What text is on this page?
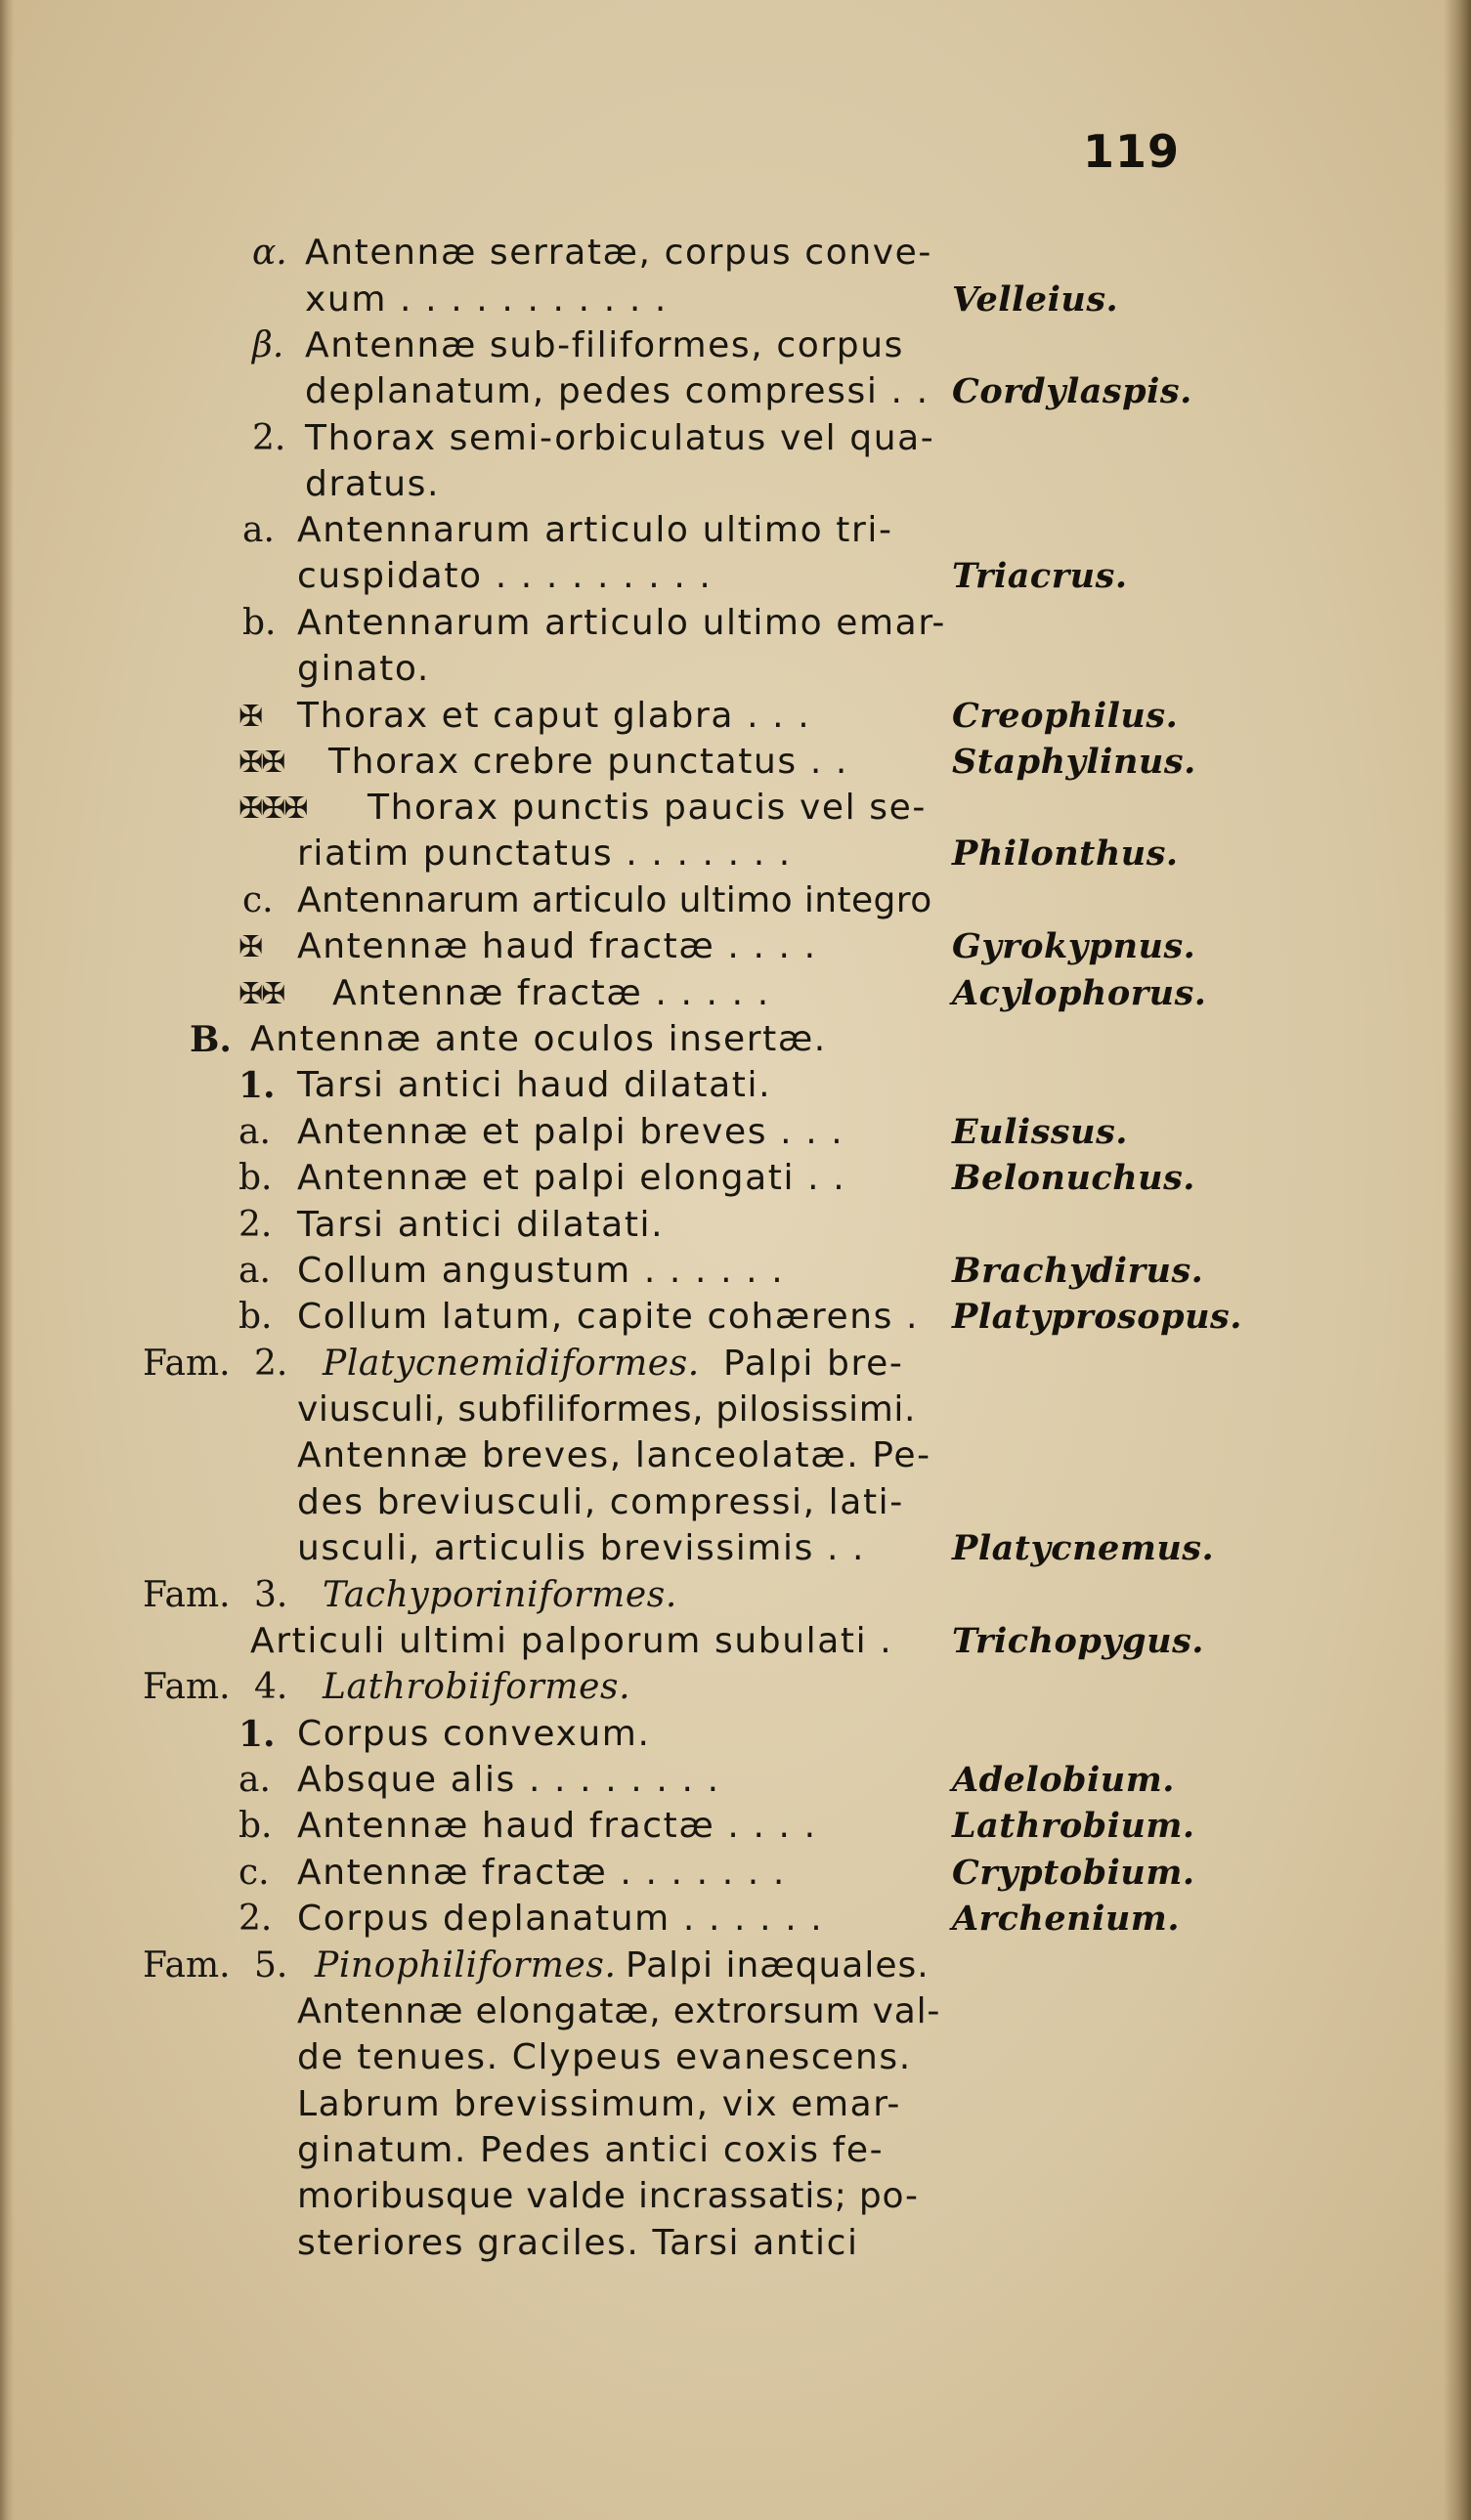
119
α. Antennæ serratæ, corpus conve-
xum . . . . . . . . . . .	Velleius.
β. Antennæ sub-filiformes, corpus
deplanatum, pedes compressi . . Cordylaspis.
2. Thorax semi-orbiculatus vel qua-
dratus.
a. Antennarum articulo ultimo tri-
cuspidato . . . . . . . . .	Triacrus.
b. Antennarum articulo ultimo emar-
ginato.
✠ Thorax et caput glabra . . .	Creophilus.
✠✠ Thorax crebre punctatus . .	Staphylinus.
✠✠✠ Thorax punctis paucis vel se-
riatim punctatus . . . . . . .	Philonthus.
c. Antennarum articulo ultimo integro
✠ Antennæ haud fractæ . . . .	Gyrokypnus.
✠✠ Antennæ fractæ . . . . .	Acylophorus.
B. Antennæ ante oculos insertæ.
1. Tarsi antici haud dilatati.
a. Antennæ et palpi breves . . .	Eulissus.
b. Antennæ et palpi elongati . .	Belonuchus.
2. Tarsi antici dilatati.
a. Collum angustum . . . . . .	Brachydirus.
b. Collum latum, capite cohærens . Platyprosopus.
Fam. 2. Platycnemidiformes. Palpi bre-
viusculi, subfiliformes, pilosissimi.
Antennæ breves, lanceolatæ. Pe-
des breviusculi, compressi, lati-
usculi, articulis brevissimis . .	Platycnemus.
Fam. 3. Tachyporiniformes.
Articuli ultimi palporum subulati . Trichopygus.
Fam. 4. Lathrobiiformes.
1. Corpus convexum.
a. Absque alis . . . . . . . .	Adelobium.
b. Antennæ haud fractæ . . . .	Lathrobium.
c. Antennæ fractæ . . . . . . .	Cryptobium.
2. Corpus deplanatum . . . . . .	Archenium.
Fam. 5. Pinophiliformes. Palpi inæquales.
Antennæ elongatæ, extrorsum val-
de tenues. Clypeus evanescens.
Labrum brevissimum, vix emar-
ginatum. Pedes antici coxis fe-
moribusque valde incrassatis; po-
steriores graciles. Tarsi antici
